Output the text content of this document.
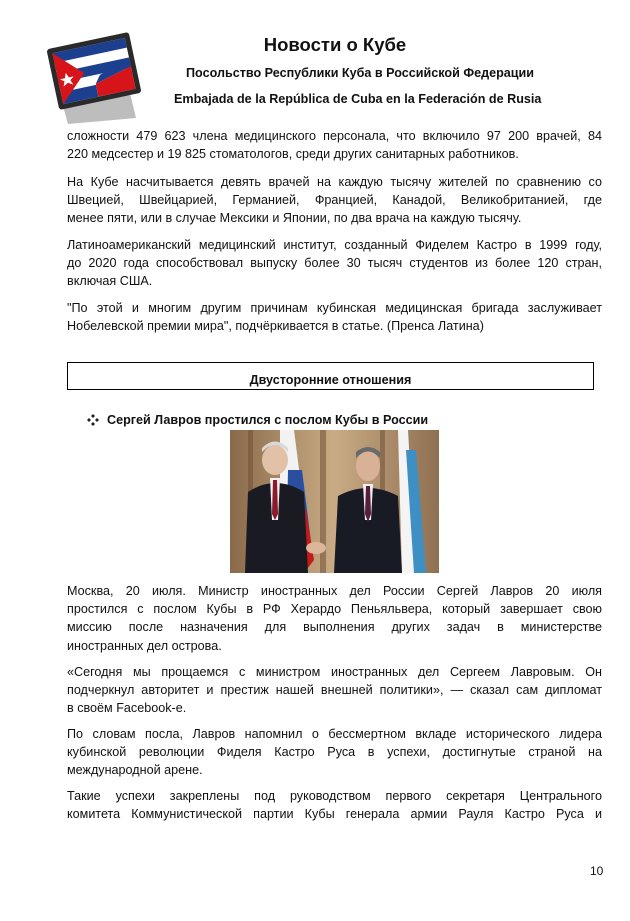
Новости о Кубе
Посольство Республики Куба в Российской Федерации
Embajada de la República de Cuba en la Federación de Rusia

сложности 479 623 члена медицинского персонала, что включило 97 200 врачей, 84
220 медсестер и 19 825 стоматологов, среди других санитарных работников.

На Кубе насчитывается девять врачей на каждую тысячу жителей по сравнению со
Швецией, Швейцарией, Германией, Францией, Канадой, Великобританией, где
менее пяти, или в случае Мексики и Японии, по два врача на каждую тысячу.

Латиноамериканский медицинский институт, созданный Фиделем Кастро в 1999 году,
до 2020 года способствовал выпуску более 30 тысяч студентов из более 120 стран,
включая США.

"По этой и многим другим причинам кубинская медицинская бригада заслуживает
Нобелевской премии мира", подчёркивается в статье. (Пренса Латина)

Двусторонние отношения
Сергей Лавров простился с послом Кубы в России

Москва, 20 июля. Министр иностранных дел России Сергей Лавров 20 июля
простился с послом Кубы в РФ Херардо Пеньяльвера, который завершает свою
миссию после назначения для выполнения других задач в министерстве
иностранных дел острова.

«Сегодня мы прощаемся с министром иностранных дел Сергеем Лавровым. Он
подчеркнул авторитет и престиж нашей внешней политики», — сказал сам дипломат
в своём Facebook-е.

По словам посла, Лавров напомнил о бессмертном вкладе исторического лидера
кубинской революции Фиделя Кастро Руса в успехи, достигнутые страной на
международной арене.

Такие успехи закреплены под руководством первого секретаря Центрального
комитета Коммунистической партии Кубы генерала армии Рауля Кастро Руса и

10
